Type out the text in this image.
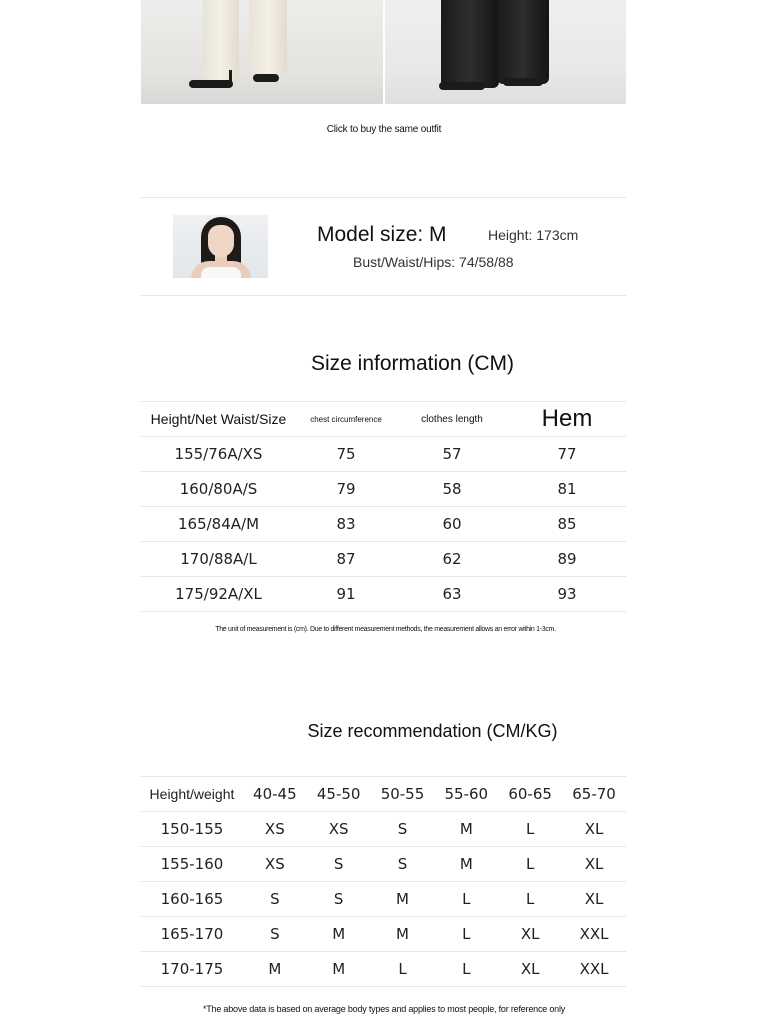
Click to buy the same outfit
Model size: M	Height: 173cm
Bust/Waist/Hips: 74/58/88
Size information (CM)
Height/Net Waist/Size	chest circumference	clothes length	Hem
155/76A/XS	75	57	77
160/80A/S	79	58	81
165/84A/M	83	60	85
170/88A/L	87	62	89
175/92A/XL	91	63	93
The unit of measurement is (cm). Due to different measurement methods, the measurement allows an error within 1-3cm.
Size recommendation (CM/KG)
Height/weight	40-45	45-50	50-55	55-60	60-65	65-70
150-155	XS	XS	S	M	L	XL
155-160	XS	S	S	M	L	XL
160-165	S	S	M	L	L	XL
165-170	S	M	M	L	XL	XXL
170-175	M	M	L	L	XL	XXL
*The above data is based on average body types and applies to most people, for reference only
